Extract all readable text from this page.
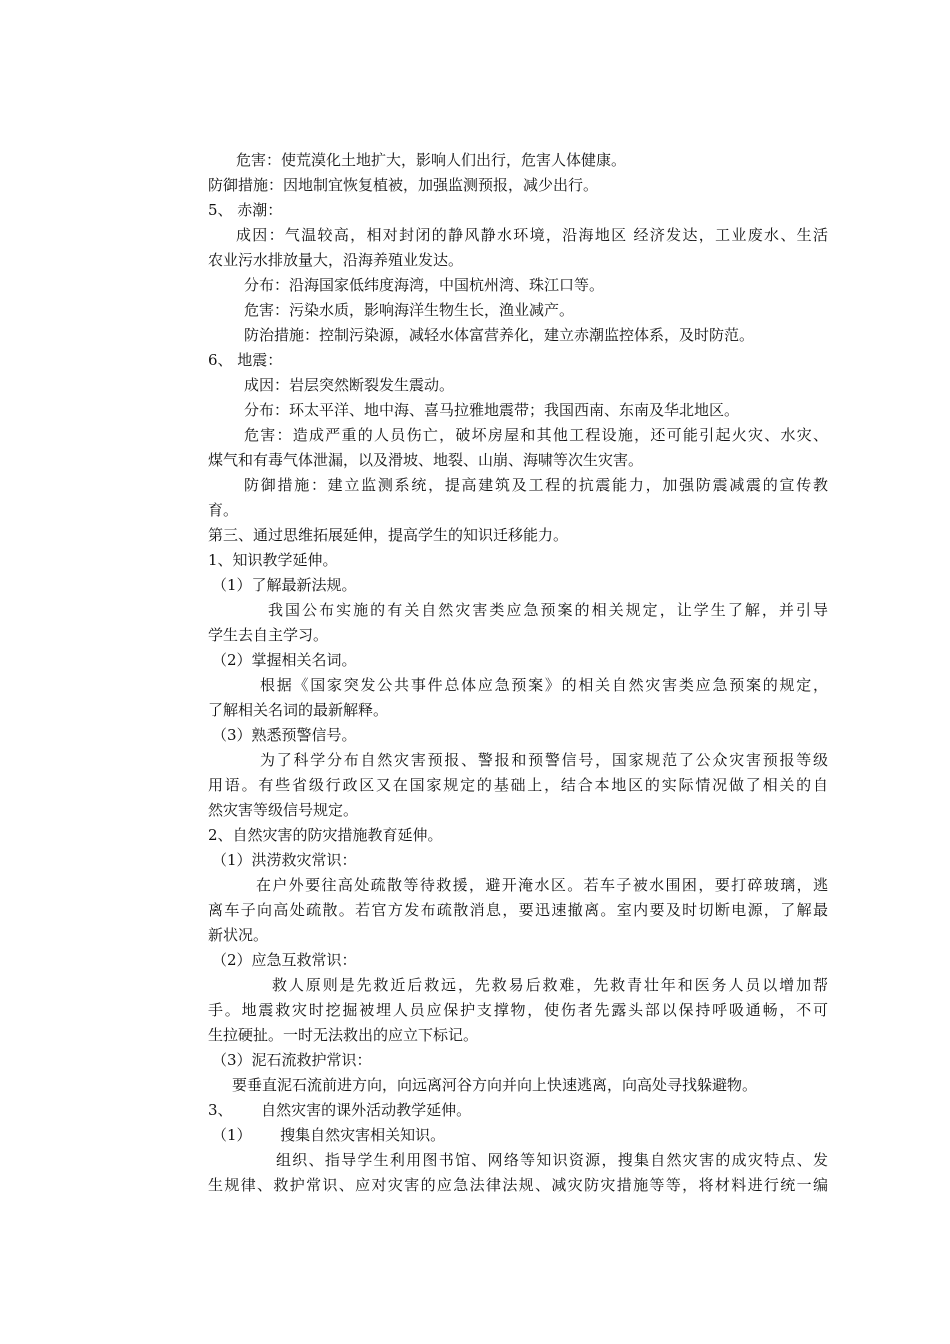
危害：使荒漠化土地扩大，影响人们出行，危害人体健康。
防御措施：因地制宜恢复植被，加强监测预报，减少出行。
5、 赤潮：
成因：气温较高，相对封闭的静风静水环境，沿海地区 经济发达，工业废水、生活
农业污水排放量大，沿海养殖业发达。
分布：沿海国家低纬度海湾，中国杭州湾、珠江口等。
危害：污染水质，影响海洋生物生长，渔业减产。
防治措施：控制污染源，减轻水体富营养化，建立赤潮监控体系，及时防范。
6、 地震：
成因：岩层突然断裂发生震动。
分布：环太平洋、地中海、喜马拉雅地震带；我国西南、东南及华北地区。
危害：造成严重的人员伤亡，破坏房屋和其他工程设施，还可能引起火灾、水灾、
煤气和有毒气体泄漏，以及滑坡、地裂、山崩、海啸等次生灾害。
防御措施：建立监测系统，提高建筑及工程的抗震能力，加强防震减震的宣传教
育。
第三、通过思维拓展延伸，提高学生的知识迁移能力。
1、知识教学延伸。
（1）了解最新法规。
我国公布实施的有关自然灾害类应急预案的相关规定，让学生了解，并引导
学生去自主学习。
（2）掌握相关名词。
根据《国家突发公共事件总体应急预案》的相关自然灾害类应急预案的规定，
了解相关名词的最新解释。
（3）熟悉预警信号。
为了科学分布自然灾害预报、警报和预警信号，国家规范了公众灾害预报等级
用语。有些省级行政区又在国家规定的基础上，结合本地区的实际情况做了相关的自
然灾害等级信号规定。
2、自然灾害的防灾措施教育延伸。
（1）洪涝救灾常识：
在户外要往高处疏散等待救援，避开淹水区。若车子被水围困，要打碎玻璃，逃
离车子向高处疏散。若官方发布疏散消息，要迅速撤离。室内要及时切断电源，了解最
新状况。
（2）应急互救常识：
救人原则是先救近后救远，先救易后救难，先救青壮年和医务人员以增加帮
手。地震救灾时挖掘被埋人员应保护支撑物，使伤者先露头部以保持呼吸通畅，不可
生拉硬扯。一时无法救出的应立下标记。
（3）泥石流救护常识：
要垂直泥石流前进方向，向远离河谷方向并向上快速逃离，向高处寻找躲避物。
3、      自然灾害的课外活动教学延伸。
（1）      搜集自然灾害相关知识。
组织、指导学生利用图书馆、网络等知识资源，搜集自然灾害的成灾特点、发
生规律、救护常识、应对灾害的应急法律法规、减灾防灾措施等等，将材料进行统一编
